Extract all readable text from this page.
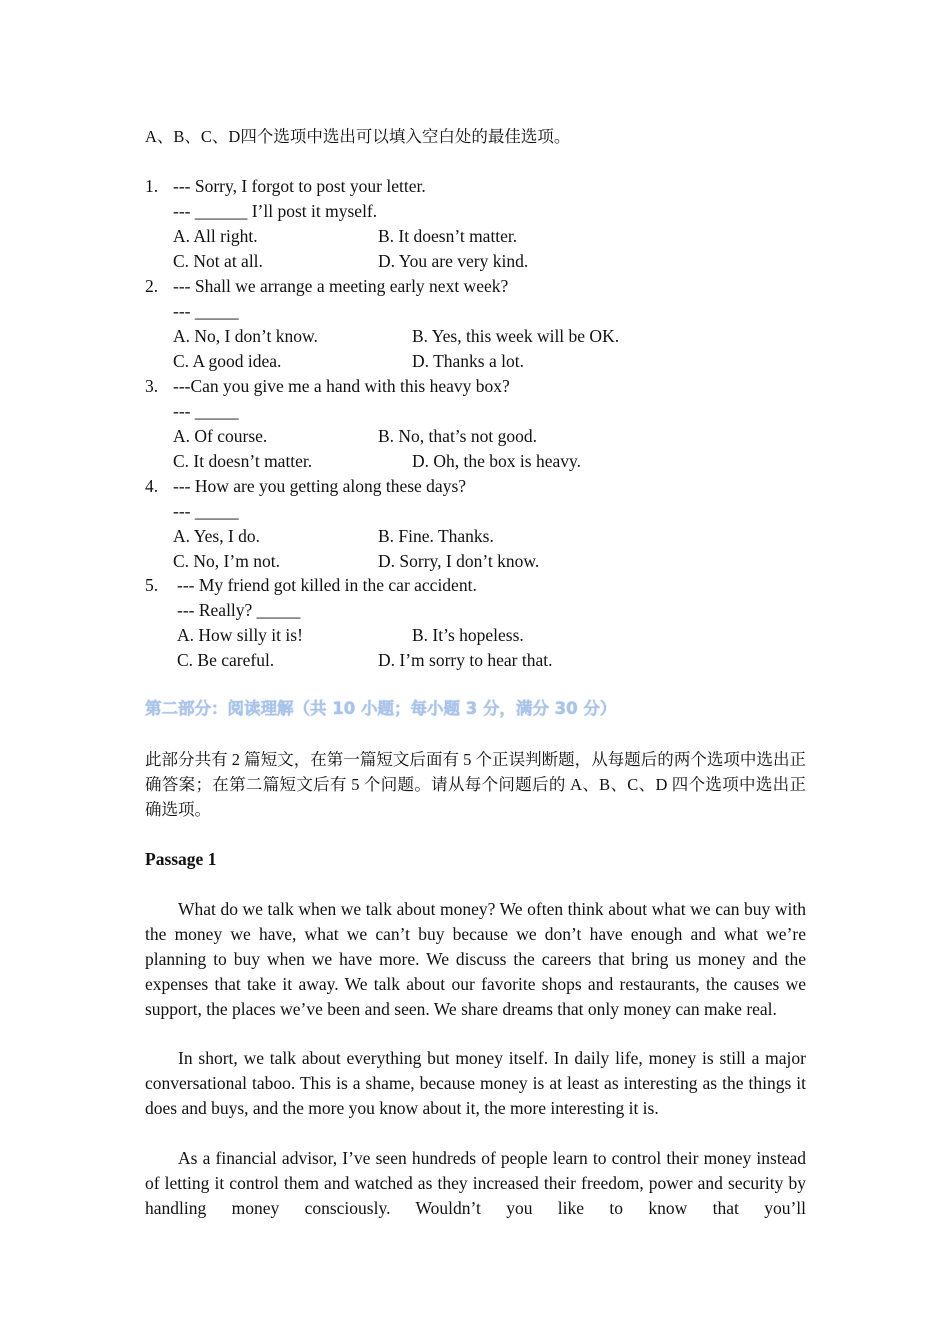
A、B、C、D四个选项中选出可以填入空白处的最佳选项。
1. --- Sorry, I forgot to post your letter.
--- ______ I’ll post it myself.
A. All right.	B. It doesn’t matter.
C. Not at all.	D. You are very kind.
2. --- Shall we arrange a meeting early next week?
--- _____
A. No, I don’t know.	B. Yes, this week will be OK.
C. A good idea.	D. Thanks a lot.
3. ---Can you give me a hand with this heavy box?
--- _____
A. Of course.	B. No, that’s not good.
C. It doesn’t matter.	D. Oh, the box is heavy.
4. --- How are you getting along these days?
--- _____
A. Yes, I do.	B. Fine. Thanks.
C. No, I’m not.	D. Sorry, I don’t know.
5. --- My friend got killed in the car accident.
--- Really? _____
A. How silly it is!	B. It’s hopeless.
C. Be careful.	D. I’m sorry to hear that.
第二部分：阅读理解（共 10 小题；每小题 3 分，满分 30 分）
此部分共有 2 篇短文，在第一篇短文后面有 5 个正误判断题，从每题后的两个选项中选出正确答案；在第二篇短文后有 5 个问题。请从每个问题后的 A、B、C、D 四个选项中选出正确选项。
Passage 1
What do we talk when we talk about money? We often think about what we can buy with the money we have, what we can’t buy because we don’t have enough and what we’re planning to buy when we have more. We discuss the careers that bring us money and the expenses that take it away. We talk about our favorite shops and restaurants, the causes we support, the places we’ve been and seen. We share dreams that only money can make real.
In short, we talk about everything but money itself. In daily life, money is still a major conversational taboo. This is a shame, because money is at least as interesting as the things it does and buys, and the more you know about it, the more interesting it is.
As a financial advisor, I’ve seen hundreds of people learn to control their money instead of letting it control them and watched as they increased their freedom, power and security by handling money consciously. Wouldn’t you like to know that you’ll
